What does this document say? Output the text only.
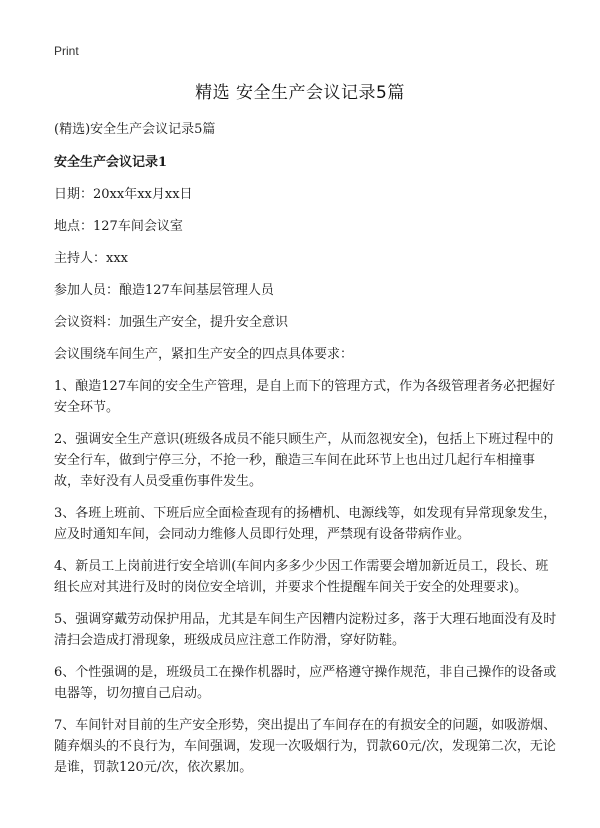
Print
精选 安全生产会议记录5篇

(精选)安全生产会议记录5篇

安全生产会议记录1

日期：20xx年xx月xx日

地点：127车间会议室

主持人：xxx

参加人员：酿造127车间基层管理人员

会议资料：加强生产安全，提升安全意识

会议围绕车间生产，紧扣生产安全的四点具体要求：

1、酿造127车间的安全生产管理，是自上而下的管理方式，作为各级管理者务必把握好安全环节。

2、强调安全生产意识(班级各成员不能只顾生产，从而忽视安全)，包括上下班过程中的安全行车，做到宁停三分，不抢一秒，酿造三车间在此环节上也出过几起行车相撞事故，幸好没有人员受重伤事件发生。

3、各班上班前、下班后应全面检查现有的扬槽机、电源线等，如发现有异常现象发生，应及时通知车间，会同动力维修人员即行处理，严禁现有设备带病作业。

4、新员工上岗前进行安全培训(车间内多多少少因工作需要会增加新近员工，段长、班组长应对其进行及时的岗位安全培训，并要求个性提醒车间关于安全的处理要求)。

5、强调穿戴劳动保护用品，尤其是车间生产因糟内淀粉过多，落于大理石地面没有及时清扫会造成打滑现象，班级成员应注意工作防滑，穿好防鞋。

6、个性强调的是，班级员工在操作机器时，应严格遵守操作规范，非自己操作的设备或电器等，切勿擅自己启动。

7、车间针对目前的生产安全形势，突出提出了车间存在的有损安全的问题，如吸游烟、随弃烟头的不良行为，车间强调，发现一次吸烟行为，罚款60元/次，发现第二次，无论是谁，罚款120元/次，依次累加。
